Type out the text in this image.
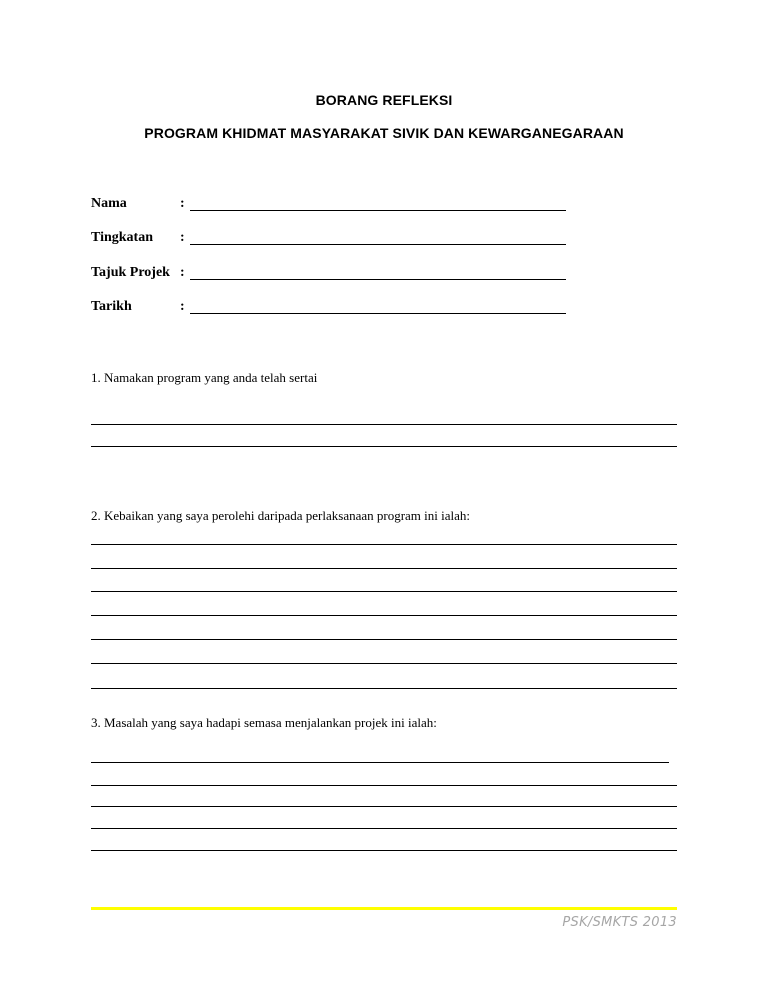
BORANG REFLEKSI
PROGRAM KHIDMAT MASYARAKAT SIVIK DAN KEWARGANEGARAAN
Nama	:
Tingkatan :
Tajuk Projek :
Tarikh	:
1. Namakan program yang anda telah sertai
2. Kebaikan yang saya perolehi daripada perlaksanaan program ini ialah:
3. Masalah yang saya hadapi semasa menjalankan projek ini ialah:
PSK/SMKTS 2013
